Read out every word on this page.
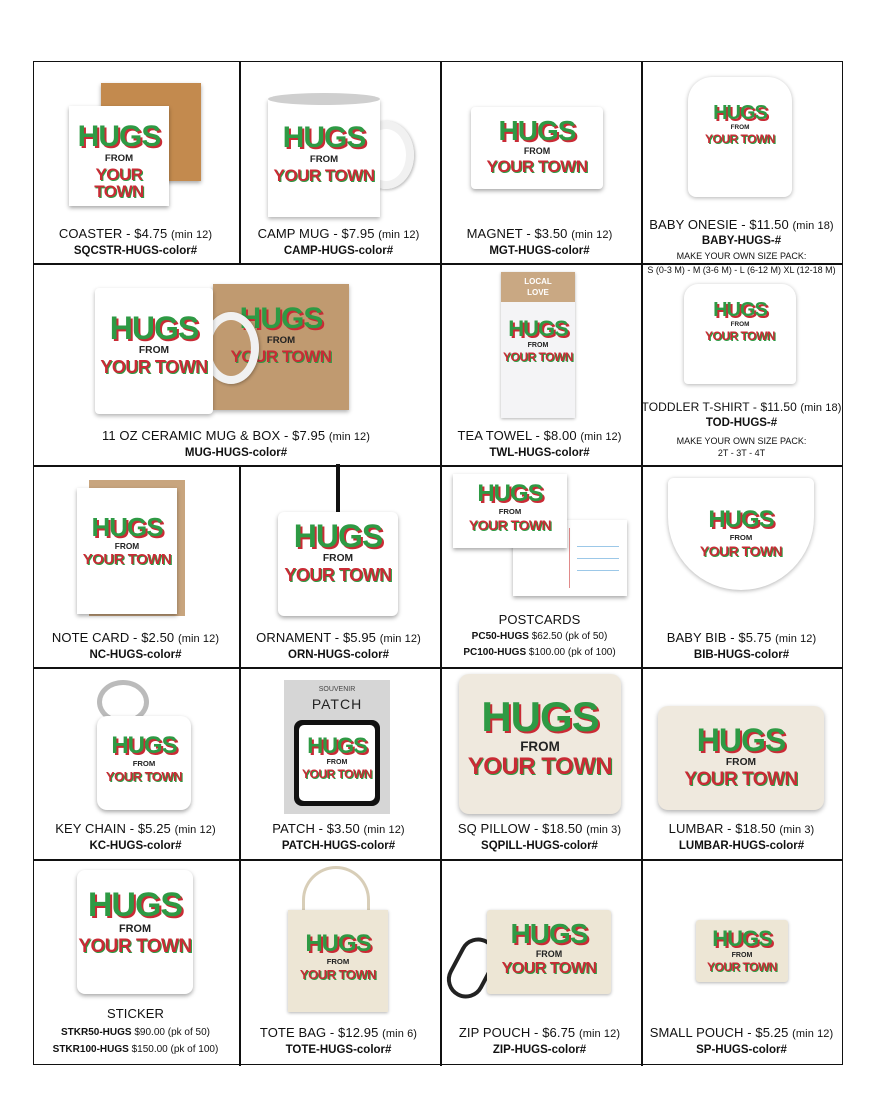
HUGS
FROM
YOUR TOWN
COASTER - $4.75 (min 12)
SQCSTR-HUGS-color#
HUGS
FROM
YOUR TOWN
CAMP MUG - $7.95 (min 12)
CAMP-HUGS-color#
HUGS
FROM
YOUR TOWN
MAGNET - $3.50 (min 12)
MGT-HUGS-color#
HUGS
FROM
YOUR TOWN
BABY ONESIE - $11.50 (min 18)
BABY-HUGS-#
MAKE YOUR OWN SIZE PACK:
S (0-3 M) - M (3-6 M) - L (6-12 M) XL (12-18 M)
HUGS
FROM
YOUR TOWN
TODDLER T-SHIRT - $11.50 (min 18)
TOD-HUGS-#
MAKE YOUR OWN SIZE PACK:
2T - 3T - 4T
HUGS
FROM
YOUR TOWN
HUGS
FROM
YOUR TOWN
11 OZ CERAMIC MUG & BOX - $7.95 (min 12)
MUG-HUGS-color#
LOCAL
LOVE
HUGS
FROM
YOUR TOWN
TEA TOWEL - $8.00 (min 12)
TWL-HUGS-color#
HUGS
FROM
YOUR TOWN
NOTE CARD - $2.50 (min 12)
NC-HUGS-color#
HUGS
FROM
YOUR TOWN
ORNAMENT - $5.95 (min 12)
ORN-HUGS-color#
HUGS
FROM
YOUR TOWN
POSTCARDS
PC50-HUGS $62.50 (pk of 50)
PC100-HUGS $100.00 (pk of 100)
HUGS
FROM
YOUR TOWN
BABY BIB - $5.75 (min 12)
BIB-HUGS-color#
HUGS
FROM
YOUR TOWN
KEY CHAIN - $5.25 (min 12)
KC-HUGS-color#
SOUVENIR
PATCH
HUGS
FROM
YOUR TOWN
PATCH - $3.50 (min 12)
PATCH-HUGS-color#
HUGS
FROM
YOUR TOWN
SQ PILLOW - $18.50 (min 3)
SQPILL-HUGS-color#
HUGS
FROM
YOUR TOWN
LUMBAR - $18.50 (min 3)
LUMBAR-HUGS-color#
HUGS
FROM
YOUR TOWN
STICKER
STKR50-HUGS $90.00 (pk of 50)
STKR100-HUGS $150.00 (pk of 100)
HUGS
FROM
YOUR TOWN
TOTE BAG - $12.95 (min 6)
TOTE-HUGS-color#
HUGS
FROM
YOUR TOWN
ZIP POUCH - $6.75 (min 12)
ZIP-HUGS-color#
HUGS
FROM
YOUR TOWN
SMALL POUCH - $5.25 (min 12)
SP-HUGS-color#
